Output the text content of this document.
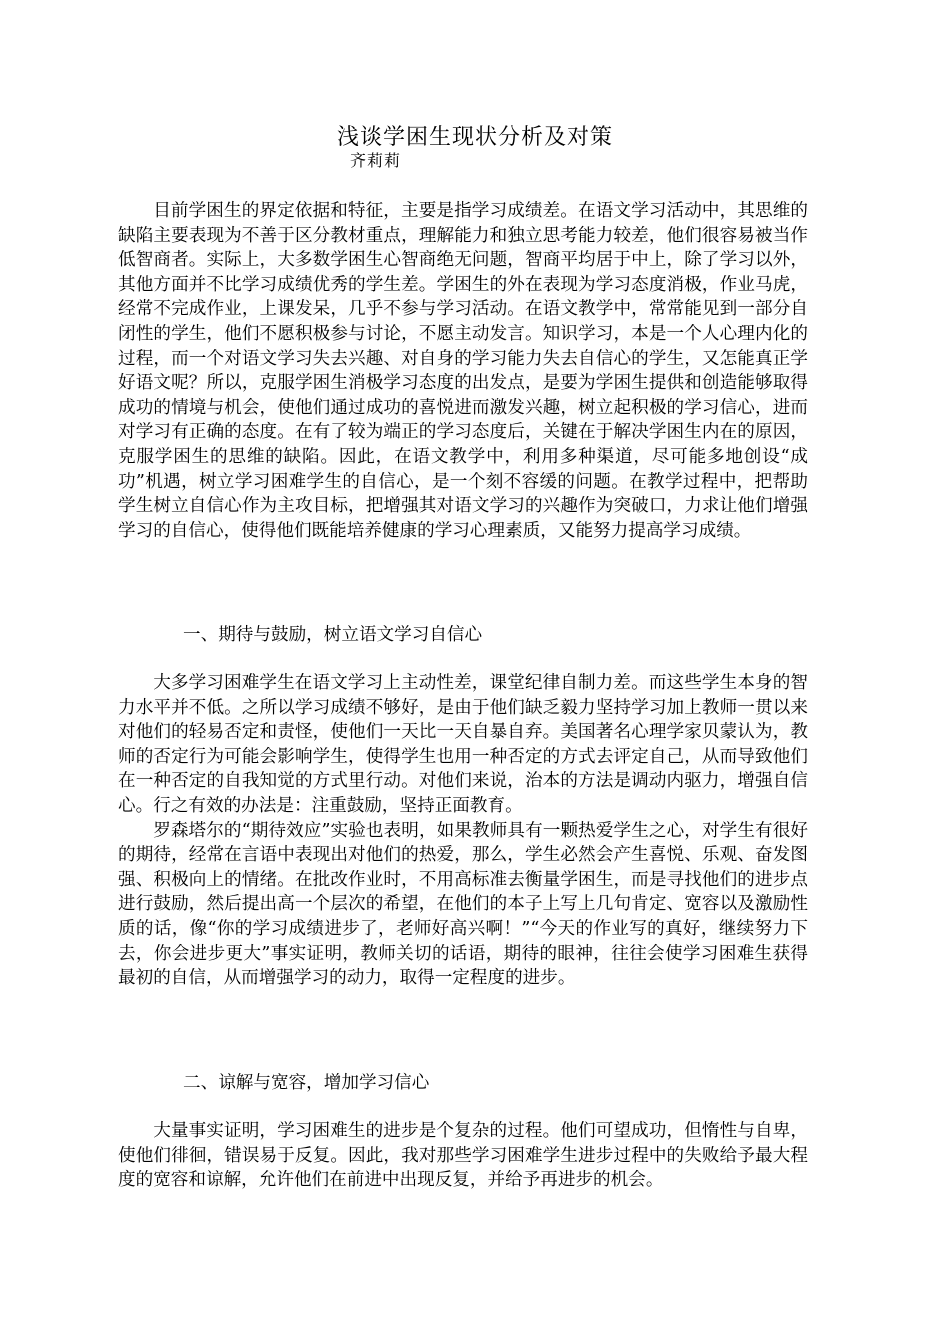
浅谈学困生现状分析及对策
齐莉莉

目前学困生的界定依据和特征，主要是指学习成绩差。在语文学习活动中，其思维的缺陷主要表现为不善于区分教材重点，理解能力和独立思考能力较差，他们很容易被当作低智商者。实际上，大多数学困生心智商绝无问题，智商平均居于中上，除了学习以外，其他方面并不比学习成绩优秀的学生差。学困生的外在表现为学习态度消极，作业马虎，经常不完成作业，上课发呆，几乎不参与学习活动。在语文教学中，常常能见到一部分自闭性的学生，他们不愿积极参与讨论，不愿主动发言。知识学习，本是一个人心理内化的过程，而一个对语文学习失去兴趣、对自身的学习能力失去自信心的学生，又怎能真正学好语文呢？所以，克服学困生消极学习态度的出发点，是要为学困生提供和创造能够取得成功的情境与机会，使他们通过成功的喜悦进而激发兴趣，树立起积极的学习信心，进而对学习有正确的态度。在有了较为端正的学习态度后，关键在于解决学困生内在的原因，克服学困生的思维的缺陷。因此，在语文教学中，利用多种渠道，尽可能多地创设“成功”机遇，树立学习困难学生的自信心，是一个刻不容缓的问题。在教学过程中，把帮助学生树立自信心作为主攻目标，把增强其对语文学习的兴趣作为突破口，力求让他们增强学习的自信心，使得他们既能培养健康的学习心理素质，又能努力提高学习成绩。

一、期待与鼓励，树立语文学习自信心

大多学习困难学生在语文学习上主动性差，课堂纪律自制力差。而这些学生本身的智力水平并不低。之所以学习成绩不够好，是由于他们缺乏毅力坚持学习加上教师一贯以来对他们的轻易否定和责怪，使他们一天比一天自暴自弃。美国著名心理学家贝蒙认为，教师的否定行为可能会影响学生，使得学生也用一种否定的方式去评定自己，从而导致他们在一种否定的自我知觉的方式里行动。对他们来说，治本的方法是调动内驱力，增强自信心。行之有效的办法是：注重鼓励，坚持正面教育。

罗森塔尔的“期待效应”实验也表明，如果教师具有一颗热爱学生之心，对学生有很好的期待，经常在言语中表现出对他们的热爱，那么，学生必然会产生喜悦、乐观、奋发图强、积极向上的情绪。在批改作业时，不用高标准去衡量学困生，而是寻找他们的进步点进行鼓励，然后提出高一个层次的希望，在他们的本子上写上几句肯定、宽容以及激励性质的话，像“你的学习成绩进步了，老师好高兴啊！”“今天的作业写的真好，继续努力下去，你会进步更大”事实证明，教师关切的话语，期待的眼神，往往会使学习困难生获得最初的自信，从而增强学习的动力，取得一定程度的进步。

二、谅解与宽容，增加学习信心

大量事实证明，学习困难生的进步是个复杂的过程。他们可望成功，但惰性与自卑，使他们徘徊，错误易于反复。因此，我对那些学习困难学生进步过程中的失败给予最大程度的宽容和谅解，允许他们在前进中出现反复，并给予再进步的机会。
